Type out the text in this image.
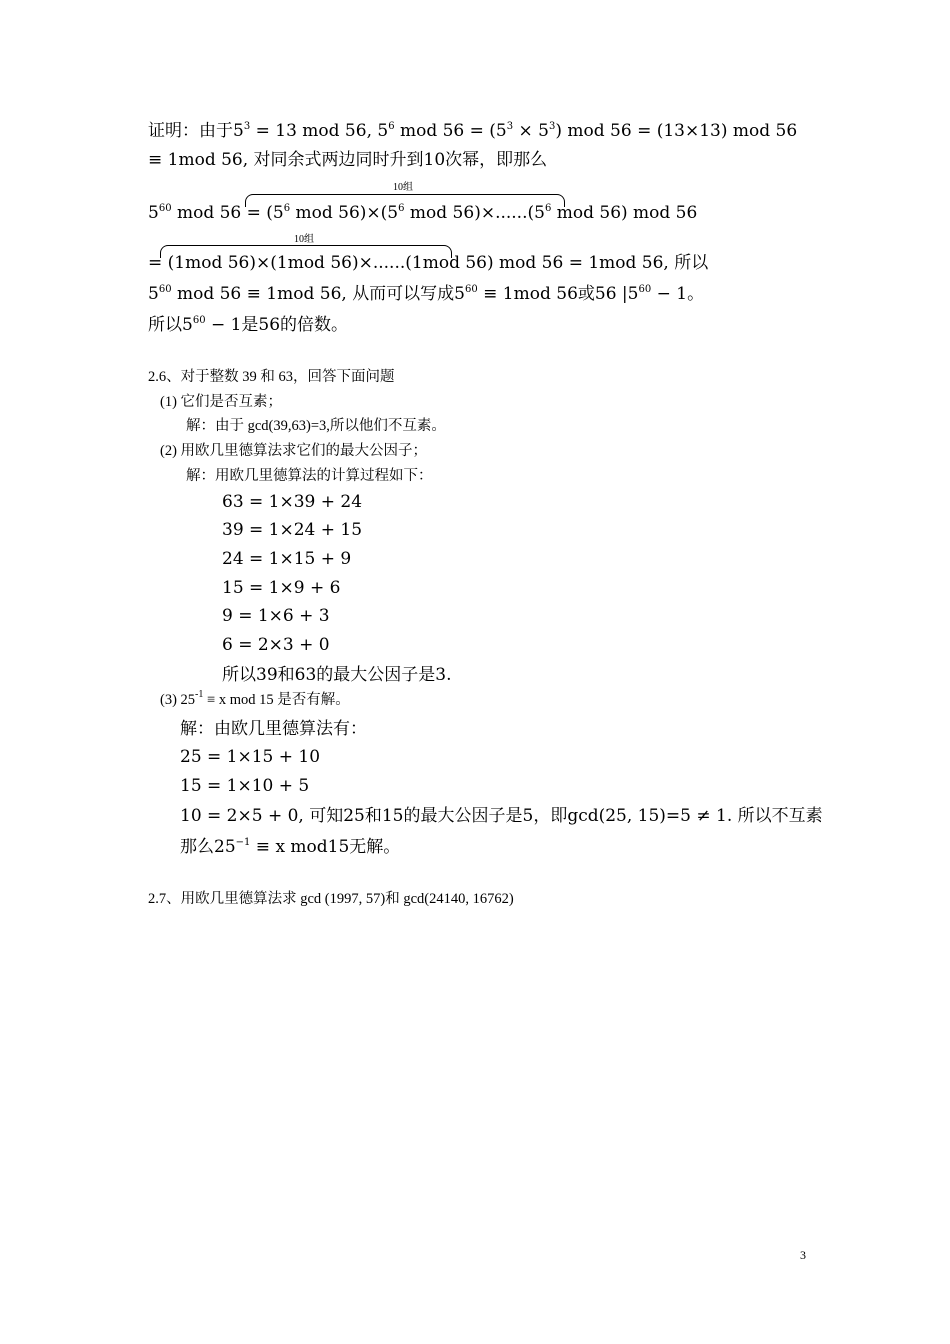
证明：由于$5^3 = 13$ mod 56, $5^6$ mod $56 = (5^3 \times 5^3)$ mod 56 = (13×13) mod 56
≡ 1mod 56, 对同余式两边同时升到10次幂，即那么
10组
$5^{60}$ mod $56 = (5^6$ mod $56)\times(5^6$ mod $56)\times......(5^6$ mod 56) mod 56
10组
= (1mod 56)×(1mod 56)×......(1mod 56) mod 56 = 1mod 56, 所以
$5^{60}$ mod 56 ≡ 1mod 56, 从而可以写成$5^{60} \equiv 1mod$ 56或56 $|5^{60} - 1$。
所以$5^{60} - 1$是56的倍数。
2.6、对于整数 39 和 63，回答下面问题
(1) 它们是否互素；
解：由于 gcd(39,63)=3,所以他们不互素。
(2) 用欧几里德算法求它们的最大公因子；
解：用欧几里德算法的计算过程如下：
63 = 1×39 + 24
39 = 1×24 + 15
24 = 1×15 + 9
15 = 1×9 + 6
9 = 1×6 + 3
6 = 2×3 + 0
所以39和63的最大公因子是3.
(3) $25^{-1} \equiv x$ mod 15 是否有解。
解：由欧几里德算法有：
25 = 1×15 + 10
15 = 1×10 + 5
10 = 2×5 + 0, 可知25和15的最大公因子是5，即gcd(25, 15)=5 ≠ 1. 所以不互素
那么$25^{-1} \equiv x$ mod15无解。
2.7、用欧几里德算法求 gcd (1997, 57)和 gcd(24140, 16762)
3
